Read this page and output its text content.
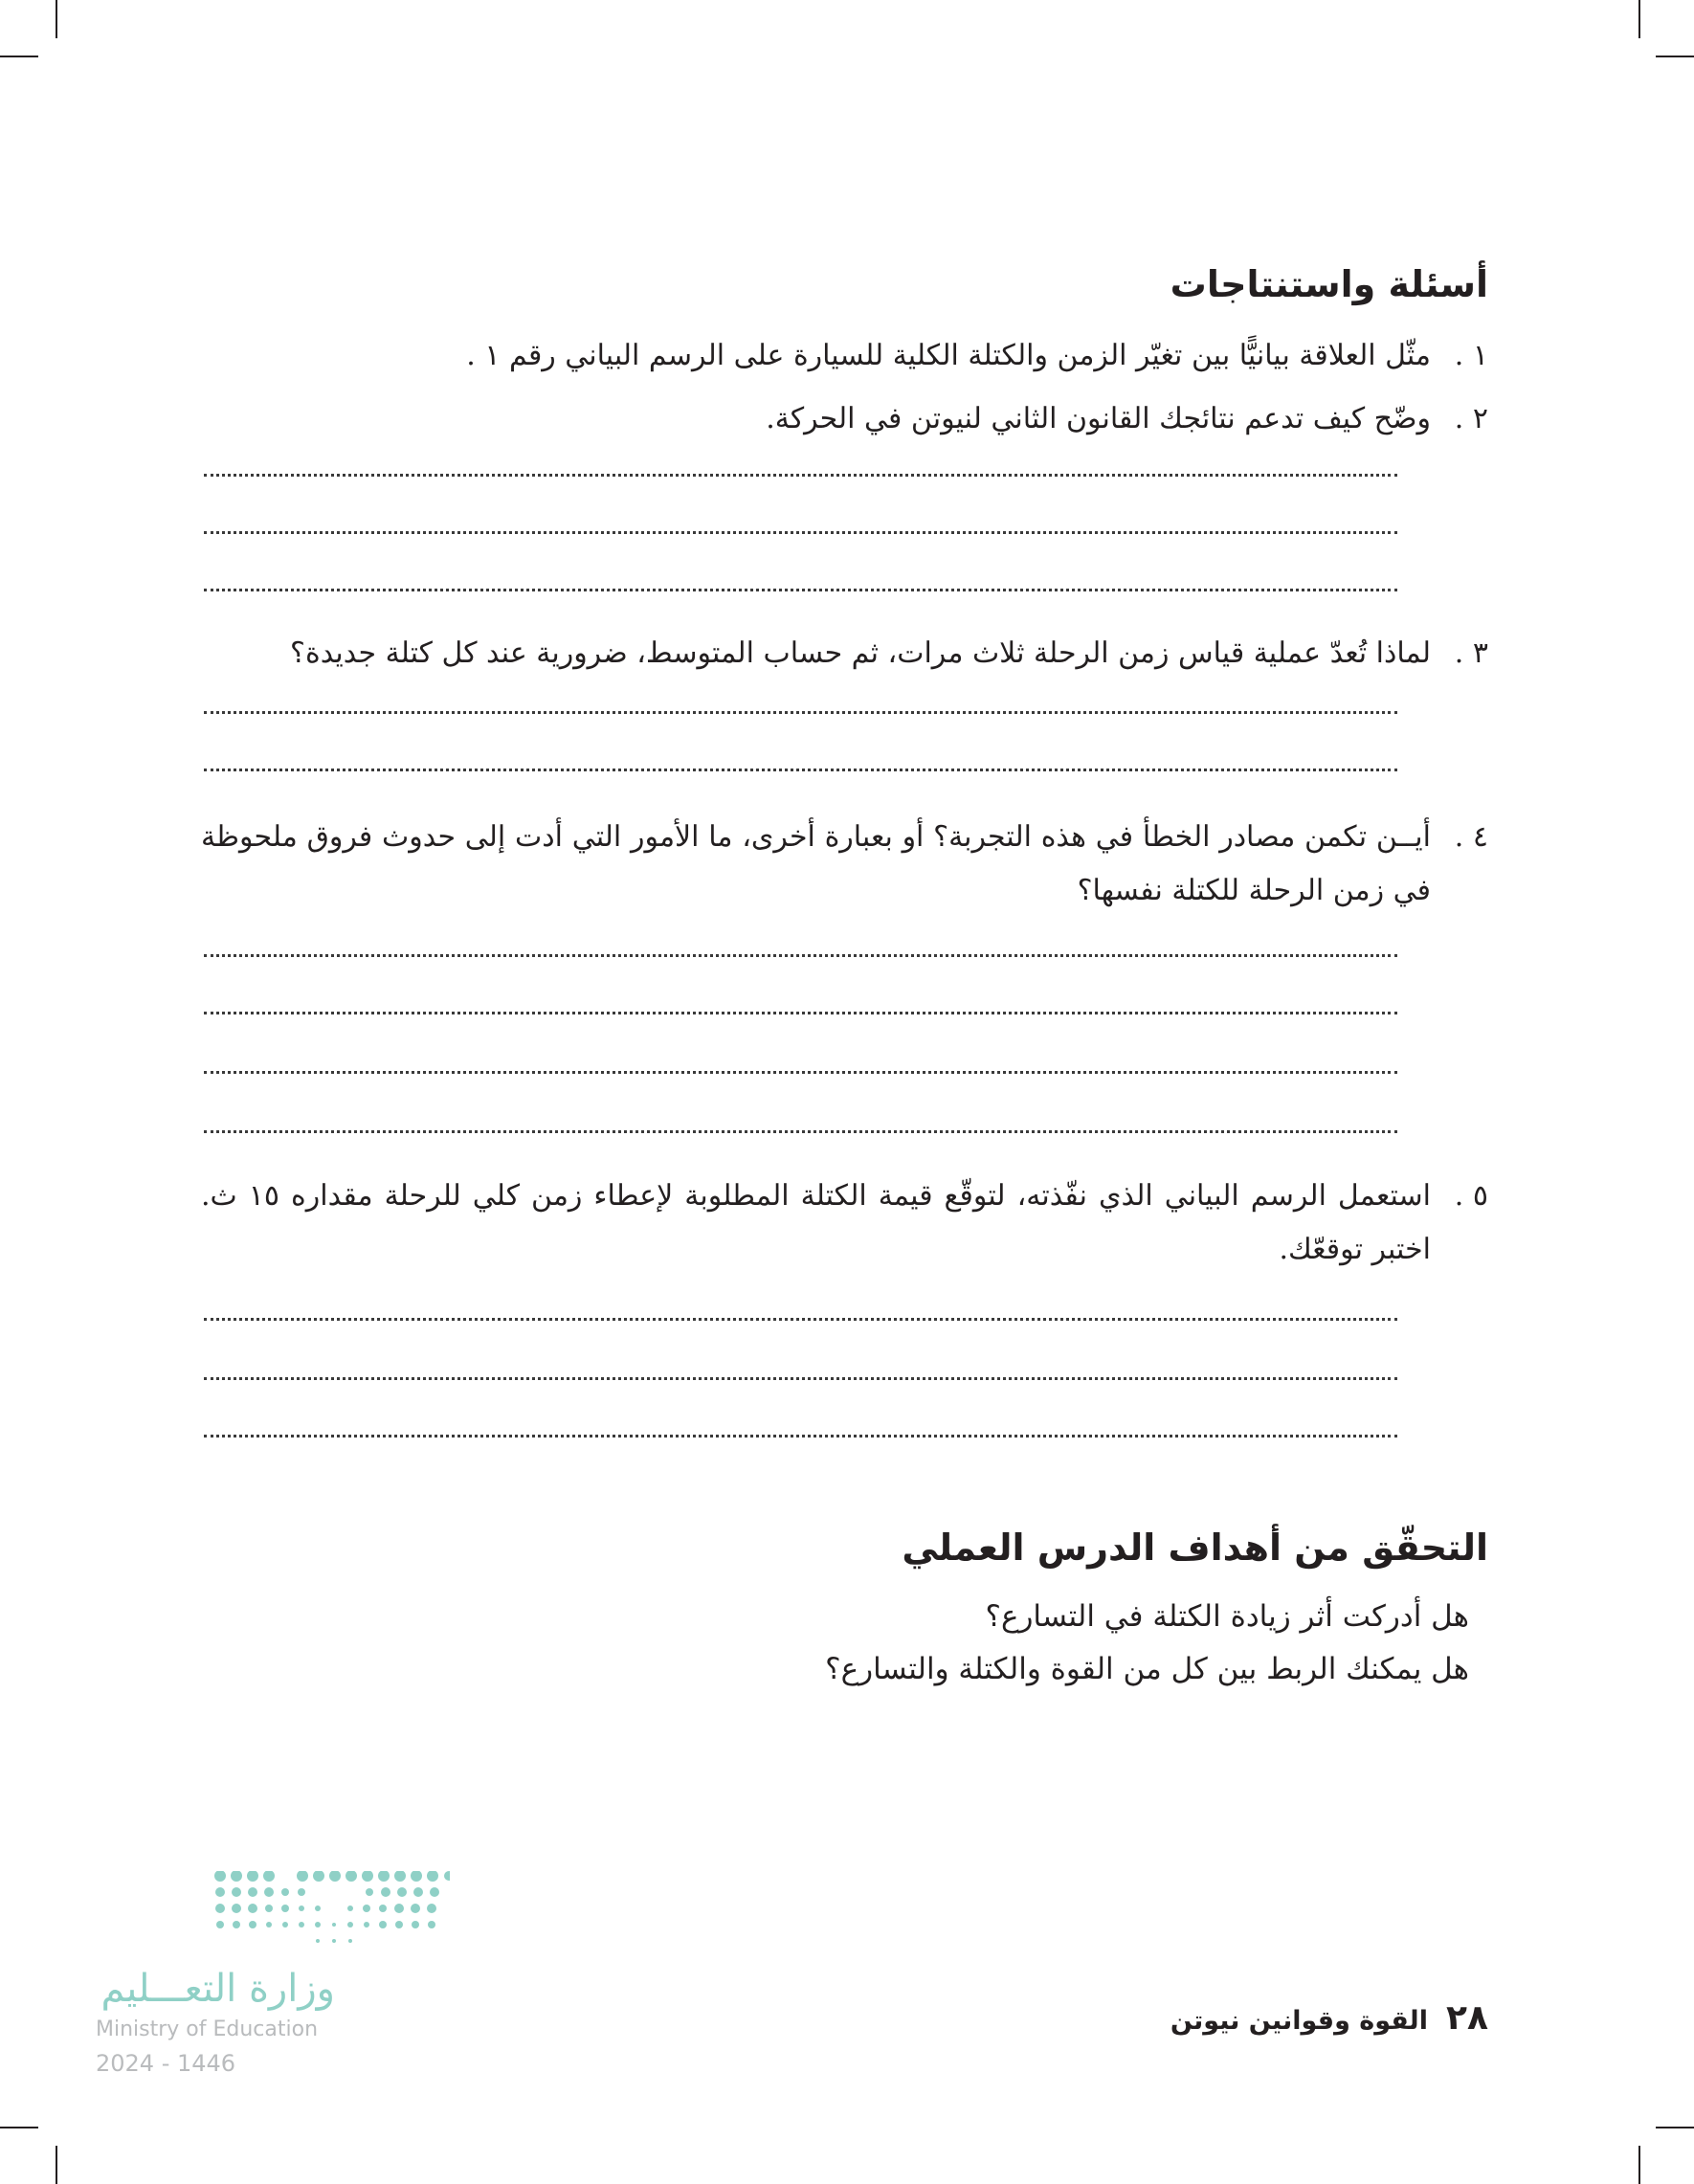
أسئلة واستنتاجات
١ .
مثّل العلاقة بيانيًّا بين تغيّر الزمن والكتلة الكلية للسيارة على الرسم البياني رقم ١ .
٢ .
وضّح كيف تدعم نتائجك القانون الثاني لنيوتن في الحركة.
٣ .
لماذا تُعدّ عملية قياس زمن الرحلة ثلاث مرات، ثم حساب المتوسط، ضرورية عند كل كتلة جديدة؟
٤ .
أيــن تكمن مصادر الخطأ في هذه التجربة؟ أو بعبارة أخرى، ما الأمور التي أدت إلى حدوث فروق ملحوظة في زمن الرحلة للكتلة نفسها؟
٥ .
استعمل الرسم البياني الذي نفّذته، لتوقّع قيمة الكتلة المطلوبة لإعطاء زمن كلي للرحلة مقداره ١٥ ث. اختبر توقعّك.
التحقّق من أهداف الدرس العملي
هل أدركت أثر زيادة الكتلة في التسارع؟
هل يمكنك الربط بين كل من القوة والكتلة والتسارع؟
وزارة التعـــليم
Ministry of Education
2024 - 1446
٢٨ القوة وقوانين نيوتن
